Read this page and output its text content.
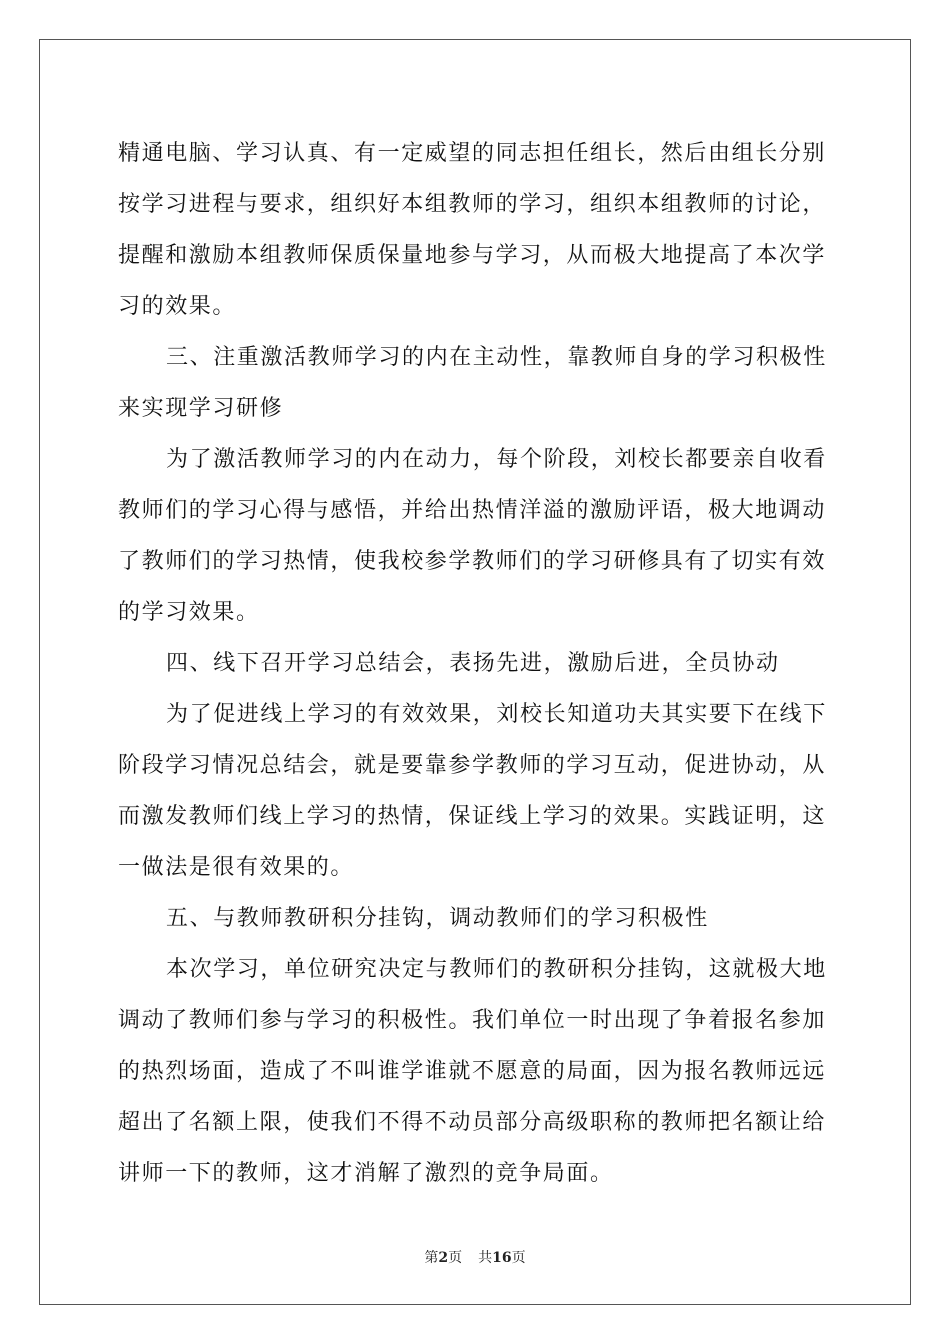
精通电脑、学习认真、有一定威望的同志担任组长，然后由组长分别

按学习进程与要求，组织好本组教师的学习，组织本组教师的讨论，

提醒和激励本组教师保质保量地参与学习，从而极大地提高了本次学

习的效果。

三、注重激活教师学习的内在主动性，靠教师自身的学习积极性

来实现学习研修

为了激活教师学习的内在动力，每个阶段，刘校长都要亲自收看

教师们的学习心得与感悟，并给出热情洋溢的激励评语，极大地调动

了教师们的学习热情，使我校参学教师们的学习研修具有了切实有效

的学习效果。

四、线下召开学习总结会，表扬先进，激励后进，全员协动

为了促进线上学习的有效效果，刘校长知道功夫其实要下在线下

阶段学习情况总结会，就是要靠参学教师的学习互动，促进协动，从

而激发教师们线上学习的热情，保证线上学习的效果。实践证明，这

一做法是很有效果的。

五、与教师教研积分挂钩，调动教师们的学习积极性

本次学习，单位研究决定与教师们的教研积分挂钩，这就极大地

调动了教师们参与学习的积极性。我们单位一时出现了争着报名参加

的热烈场面，造成了不叫谁学谁就不愿意的局面，因为报名教师远远

超出了名额上限，使我们不得不动员部分高级职称的教师把名额让给

讲师一下的教师，这才消解了激烈的竞争局面。

第2页 共16页
